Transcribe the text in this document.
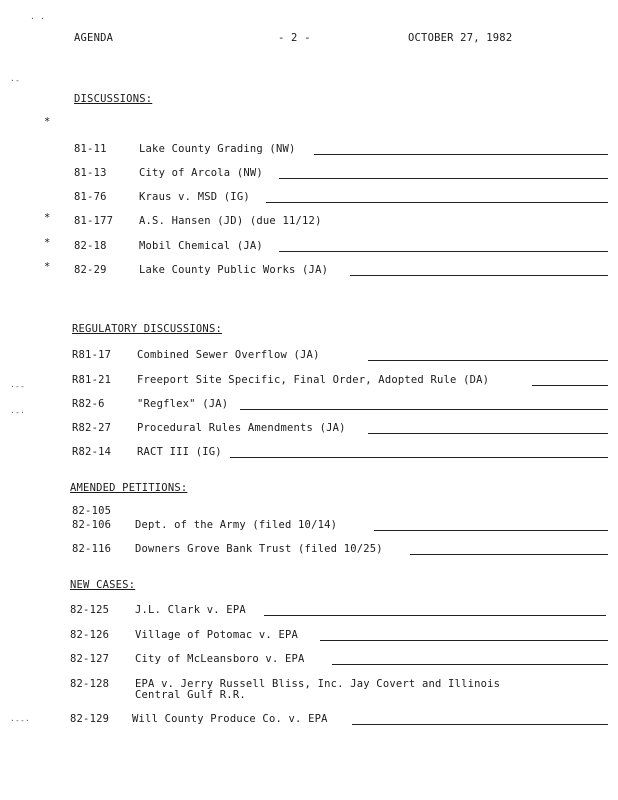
AGENDA	- 2 -	OCTOBER 27, 1982
· ·
·-
·--
·-·
·--·
DISCUSSIONS:
*
81-11	Lake County Grading (NW)
81-13	City of Arcola (NW)
81-76	Kraus v. MSD (IG)
* 81-177 A.S. Hansen (JD) (due 11/12)
* 82-18	Mobil Chemical (JA)
* 82-29	Lake County Public Works (JA)
REGULATORY DISCUSSIONS:
R81-17 Combined Sewer Overflow (JA)
R81-21 Freeport Site Specific, Final Order, Adopted Rule (DA)
R82-6	"Regflex" (JA)
R82-27 Procedural Rules Amendments (JA)
R82-14 RACT III (IG)
AMENDED PETITIONS:
82-105
82-106 Dept. of the Army (filed 10/14)
82-116 Downers Grove Bank Trust (filed 10/25)
NEW CASES:
82-125 J.L. Clark v. EPA
82-126 Village of Potomac v. EPA
82-127 City of McLeansboro v. EPA
82-128 EPA v. Jerry Russell Bliss, Inc. Jay Covert and Illinois
Central Gulf R.R.
82-129 Will County Produce Co. v. EPA
